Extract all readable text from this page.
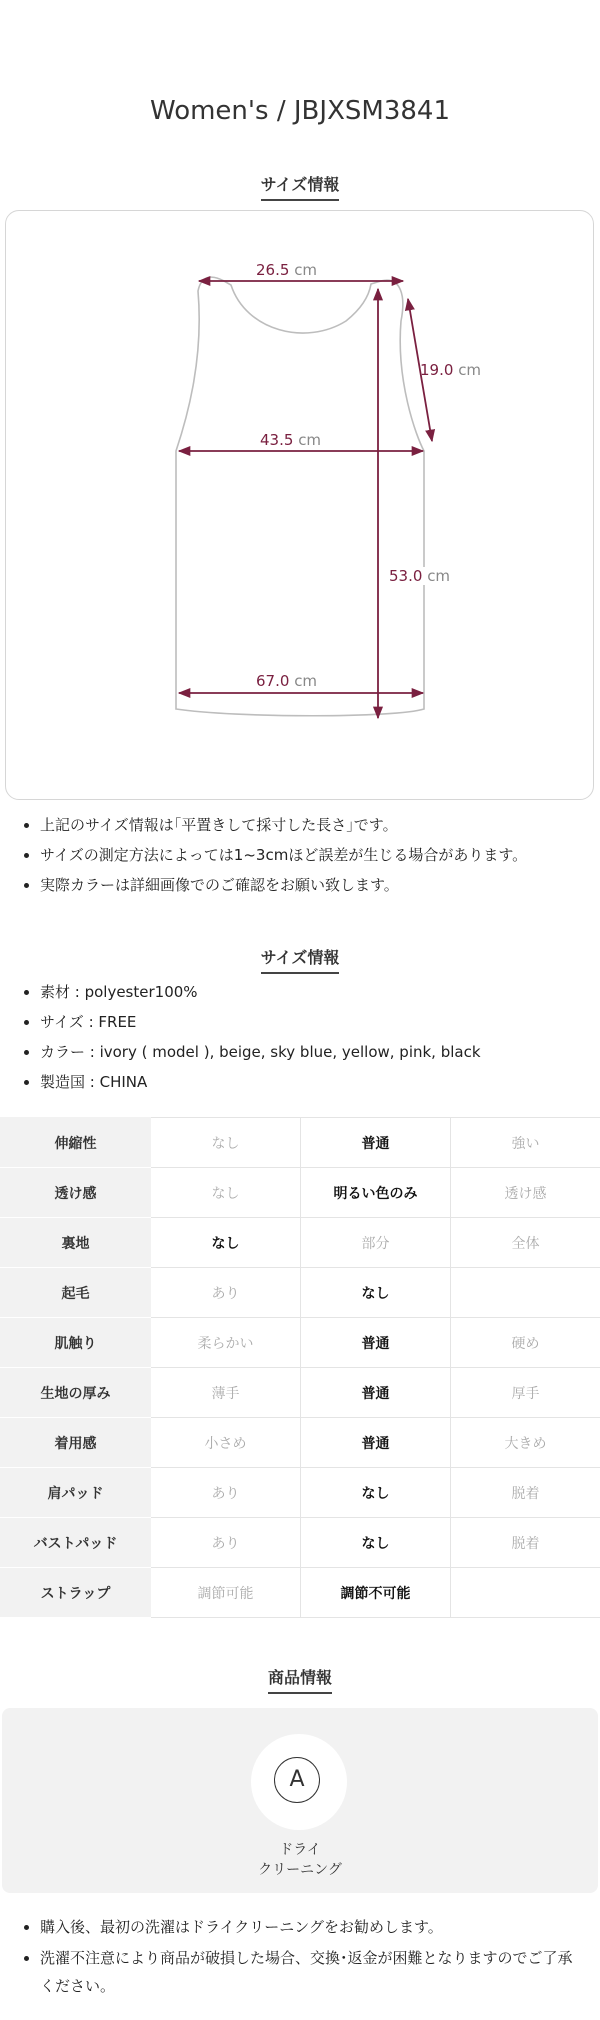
Women's / JBJXSM3841
サイズ情報
26.5 cm
19.0 cm
43.5 cm
53.0 cm
67.0 cm
上記のサイズ情報は｢平置きして採寸した長さ｣です。
サイズの測定方法によっては1~3cmほど誤差が生じる場合があります。
実際カラーは詳細画像でのご確認をお願い致します。
サイズ情報
素材 : polyester100%
サイズ : FREE
カラー : ivory ( model ), beige, sky blue, yellow, pink, black
製造国 : CHINA
伸縮性	なし	普通	強い
透け感	なし	明るい色のみ	透け感
裏地	なし	部分	全体
起毛	あり	なし	
肌触り	柔らかい	普通	硬め
生地の厚み	薄手	普通	厚手
着用感	小さめ	普通	大きめ
肩パッド	あり	なし	脱着
バストパッド	あり	なし	脱着
ストラップ	調節可能	調節不可能	
商品情報
A
ドライ
クリーニング
購入後、最初の洗濯はドライクリーニングをお勧めします。
洗濯不注意により商品が破損した場合、交換･返金が困難となりますのでご了承ください。
